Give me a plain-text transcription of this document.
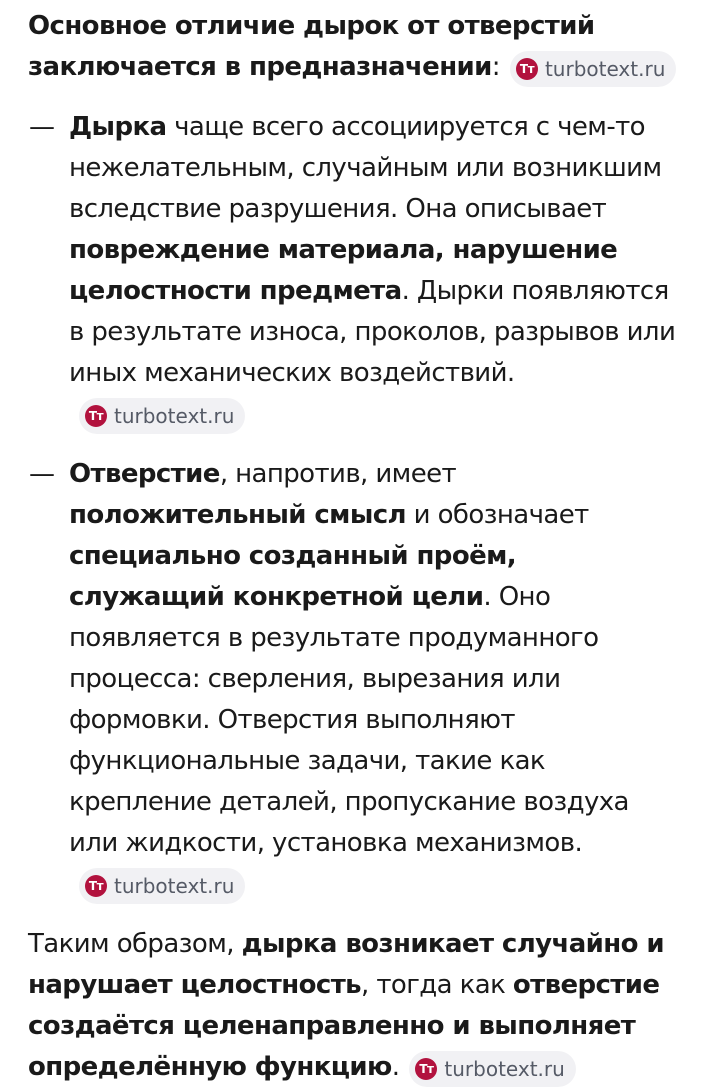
Основное отличие дырок от отверстий заключается в предназначении:	Тт turbotext.ru

— Дырка чаще всего ассоциируется с чем-то нежелательным, случайным или возникшим вследствие разрушения. Она описывает повреждение материала, нарушение целостности предмета. Дырки появляются в результате износа, проколов, разрывов или иных механических воздействий.
Тт turbotext.ru
— Отверстие, напротив, имеет положительный смысл и обозначает специально созданный проём, служащий конкретной цели. Оно появляется в результате продуманного процесса: сверления, вырезания или формовки. Отверстия выполняют функциональные задачи, такие как крепление деталей, пропускание воздуха или жидкости, установка механизмов.
Тт turbotext.ru

Таким образом, дырка возникает случайно и нарушает целостность, тогда как отверстие создаётся целенаправленно и выполняет определённую функцию.	Тт turbotext.ru
